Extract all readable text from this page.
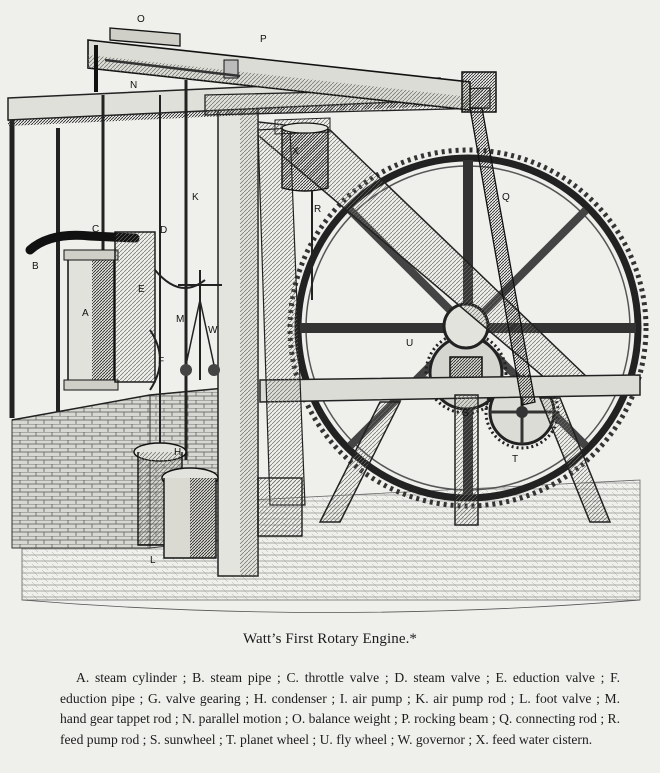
O
P
N
X
K
R
Q
D
C
B
E
A
M
W
F
U
S
H
T
L
Watt’s First Rotary Engine.*
A. steam cylinder ; B. steam pipe ; C. throttle valve ; D. steam valve ; E. eduction valve ; F. eduction pipe ; G. valve gearing ; H. condenser ; I. air pump ; K. air pump rod ; L. foot valve ; M. hand gear tappet rod ; N. parallel motion ; O. balance weight ; P. rocking beam ; Q. connecting rod ; R. feed pump rod ; S. sunwheel ; T. planet wheel ; U. fly wheel ; W. governor ; X. feed water cistern.
